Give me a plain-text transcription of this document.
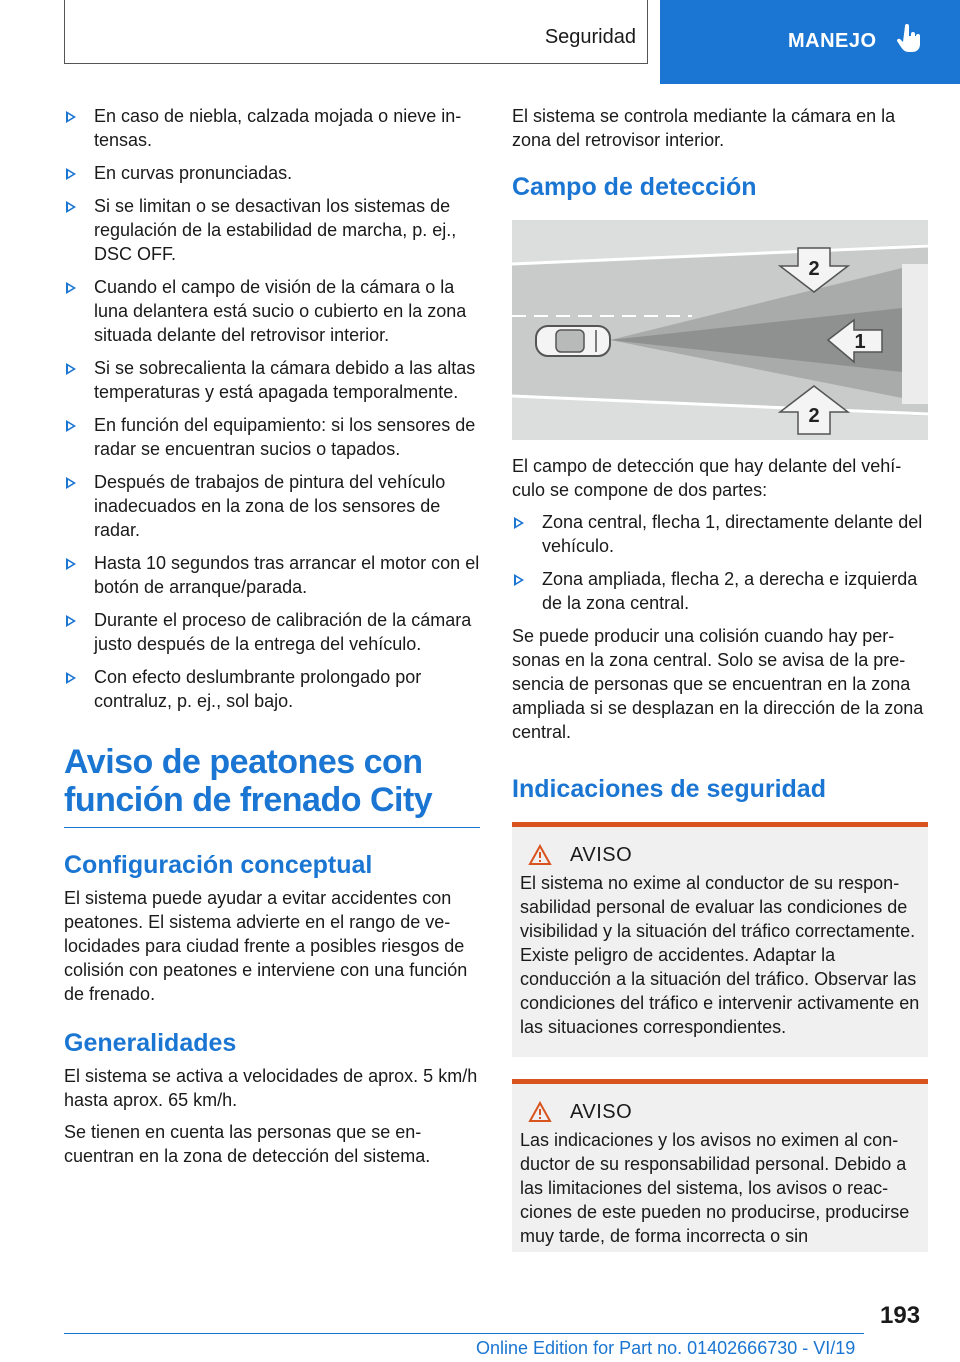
Seguridad	MANEJO
En caso de niebla, calzada mojada o nieve intensas.
En curvas pronunciadas.
Si se limitan o se desactivan los sistemas de regulación de la estabilidad de marcha, p. ej., DSC OFF.
Cuando el campo de visión de la cámara o la luna delantera está sucio o cubierto en la zona situada delante del retrovisor interior.
Si se sobrecalienta la cámara debido a las altas temperaturas y está apagada temporalmente.
En función del equipamiento: si los sensores de radar se encuentran sucios o tapados.
Después de trabajos de pintura del vehículo inadecuados en la zona de los sensores de radar.
Hasta 10 segundos tras arrancar el motor con el botón de arranque/parada.
Durante el proceso de calibración de la cámara justo después de la entrega del vehículo.
Con efecto deslumbrante prolongado por contraluz, p. ej., sol bajo.
Aviso de peatones con función de frenado City
Configuración conceptual

El sistema puede ayudar a evitar accidentes con peatones. El sistema advierte en el rango de velocidades para ciudad frente a posibles riesgos de colisión con peatones e interviene con una función de frenado.

Generalidades

El sistema se activa a velocidades de aprox. 5 km/h hasta aprox. 65 km/h.

Se tienen en cuenta las personas que se encuentran en la zona de detección del sistema.

El sistema se controla mediante la cámara en la zona del retrovisor interior.

Campo de detección
2
1
2

El campo de detección que hay delante del vehículo se compone de dos partes:

Zona central, flecha 1, directamente delante del vehículo.
Zona ampliada, flecha 2, a derecha e izquierda de la zona central.

Se puede producir una colisión cuando hay personas en la zona central. Solo se avisa de la presencia de personas que se encuentran en la zona ampliada si se desplazan en la dirección de la zona central.

Indicaciones de seguridad
AVISO
El sistema no exime al conductor de su responsabilidad personal de evaluar las condiciones de visibilidad y la situación del tráfico correctamente. Existe peligro de accidentes. Adaptar la conducción a la situación del tráfico. Observar las condiciones del tráfico e intervenir activamente en las situaciones correspondientes.
AVISO
Las indicaciones y los avisos no eximen al conductor de su responsabilidad personal. Debido a las limitaciones del sistema, los avisos o reacciones de este pueden no producirse, producirse muy tarde, de forma incorrecta o sin
193
Online Edition for Part no. 01402666730 - VI/19
